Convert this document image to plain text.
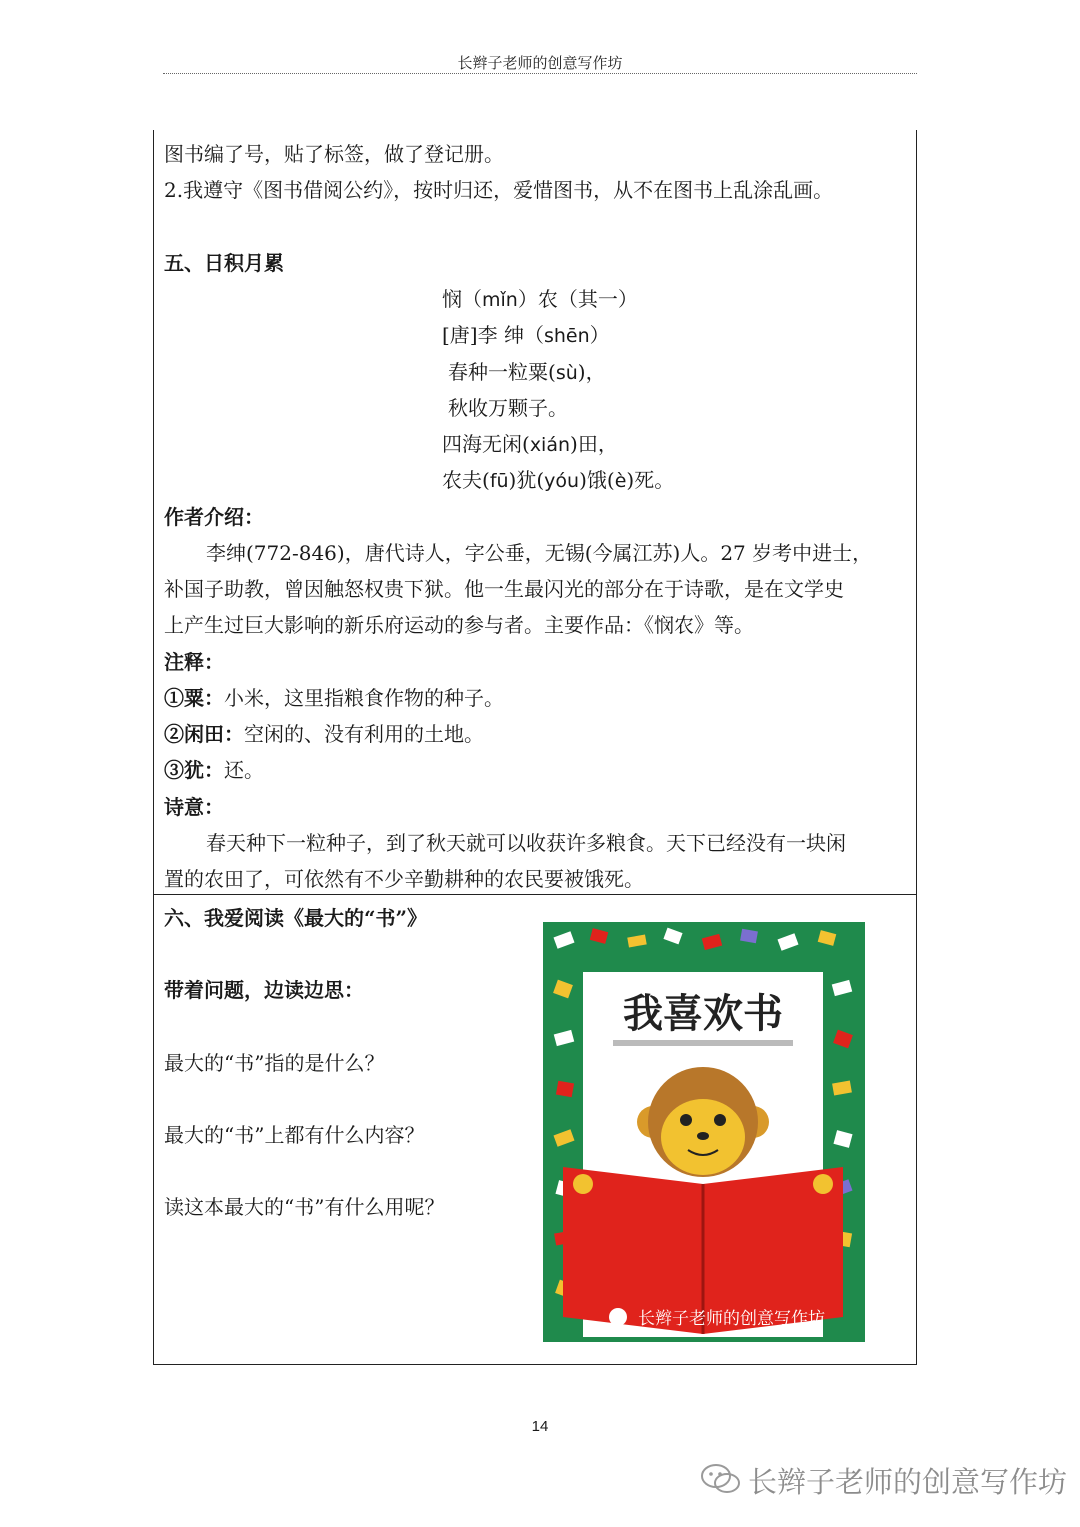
长辫子老师的创意写作坊
图书编了号，贴了标签，做了登记册。
2.我遵守《图书借阅公约》，按时归还，爱惜图书，从不在图书上乱涂乱画。
五、日积月累
悯（mǐn）农（其一）
[唐]李 绅（shēn）
春种一粒粟(sù)，
秋收万颗子。
四海无闲(xián)田，
农夫(fū)犹(yóu)饿(è)死。
作者介绍：
李绅(772-846)，唐代诗人，字公垂，无锡(今属江苏)人。27 岁考中进士，
补国子助教，曾因触怒权贵下狱。他一生最闪光的部分在于诗歌，是在文学史
上产生过巨大影响的新乐府运动的参与者。主要作品：《悯农》等。
注释：
①粟：小米，这里指粮食作物的种子。
②闲田：空闲的、没有利用的土地。
③犹：还。
诗意：
春天种下一粒种子，到了秋天就可以收获许多粮食。天下已经没有一块闲
置的农田了，可依然有不少辛勤耕种的农民要被饿死。
六、我爱阅读《最大的“书”》
带着问题，边读边思：
最大的“书”指的是什么？
最大的“书”上都有什么内容？
读这本最大的“书”有什么用呢？
我喜欢书
长辫子老师的创意写作坊
14
长辫子老师的创意写作坊
